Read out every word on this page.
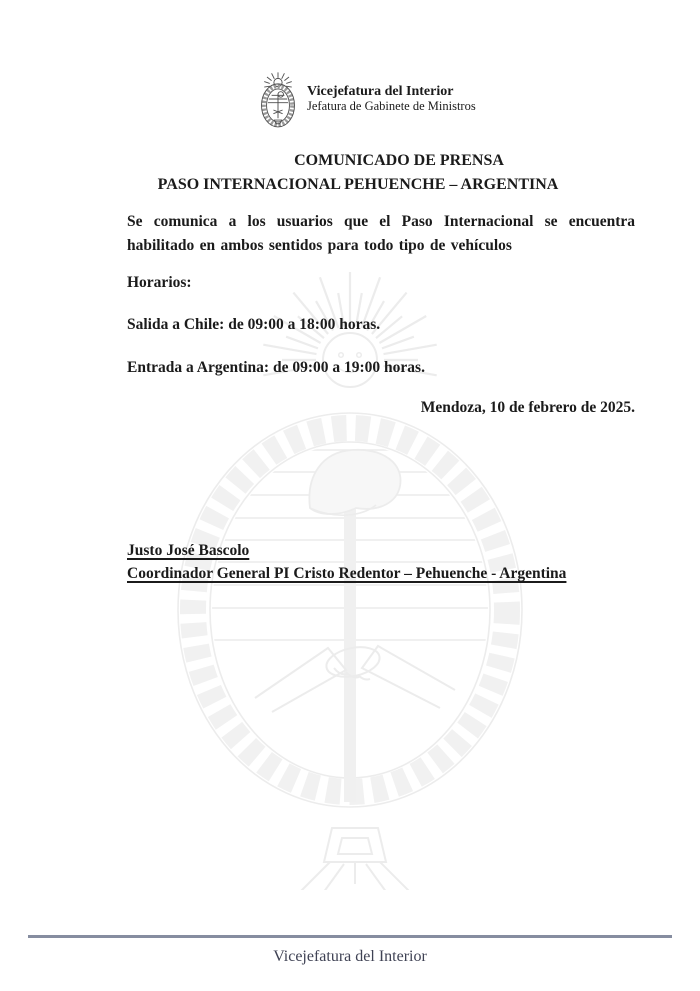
Vicejefatura del Interior
Jefatura de Gabinete de Ministros
COMUNICADO DE PRENSA
PASO INTERNACIONAL PEHUENCHE – ARGENTINA
Se comunica a los usuarios que el Paso Internacional se encuentra habilitado en ambos sentidos para todo tipo de vehículos
Horarios:
Salida a Chile: de 09:00 a 18:00 horas.
Entrada a Argentina: de 09:00 a 19:00 horas.
Mendoza, 10 de febrero de 2025.
Justo José Bascolo
Coordinador General PI Cristo Redentor – Pehuenche - Argentina
Vicejefatura del Interior
